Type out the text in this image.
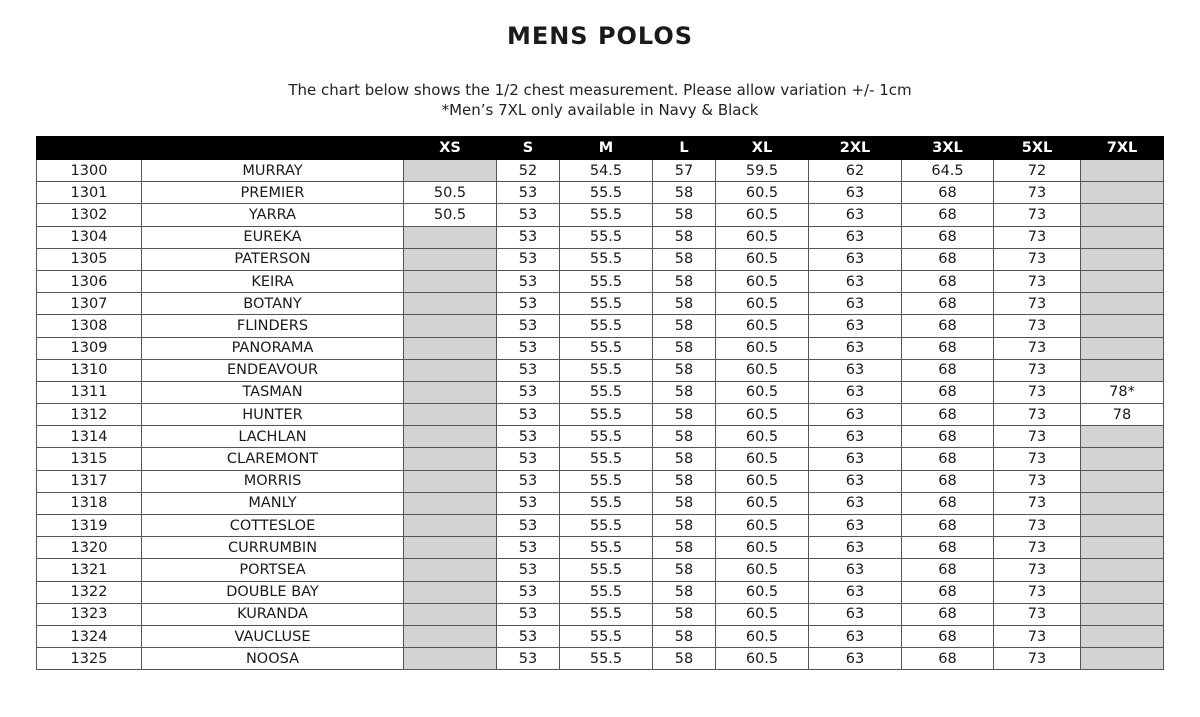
MENS POLOS
The chart below shows the 1/2 chest measurement. Please allow variation +/- 1cm
*Men’s 7XL only available in Navy & Black
		XS	S	M	L	XL	2XL	3XL	5XL	7XL
1300	MURRAY		52	54.5	57	59.5	62	64.5	72	
1301	PREMIER	50.5	53	55.5	58	60.5	63	68	73	
1302	YARRA	50.5	53	55.5	58	60.5	63	68	73	
1304	EUREKA		53	55.5	58	60.5	63	68	73	
1305	PATERSON		53	55.5	58	60.5	63	68	73	
1306	KEIRA		53	55.5	58	60.5	63	68	73	
1307	BOTANY		53	55.5	58	60.5	63	68	73	
1308	FLINDERS		53	55.5	58	60.5	63	68	73	
1309	PANORAMA		53	55.5	58	60.5	63	68	73	
1310	ENDEAVOUR		53	55.5	58	60.5	63	68	73	
1311	TASMAN		53	55.5	58	60.5	63	68	73	78*
1312	HUNTER		53	55.5	58	60.5	63	68	73	78
1314	LACHLAN		53	55.5	58	60.5	63	68	73	
1315	CLAREMONT		53	55.5	58	60.5	63	68	73	
1317	MORRIS		53	55.5	58	60.5	63	68	73	
1318	MANLY		53	55.5	58	60.5	63	68	73	
1319	COTTESLOE		53	55.5	58	60.5	63	68	73	
1320	CURRUMBIN		53	55.5	58	60.5	63	68	73	
1321	PORTSEA		53	55.5	58	60.5	63	68	73	
1322	DOUBLE BAY		53	55.5	58	60.5	63	68	73	
1323	KURANDA		53	55.5	58	60.5	63	68	73	
1324	VAUCLUSE		53	55.5	58	60.5	63	68	73	
1325	NOOSA		53	55.5	58	60.5	63	68	73	
